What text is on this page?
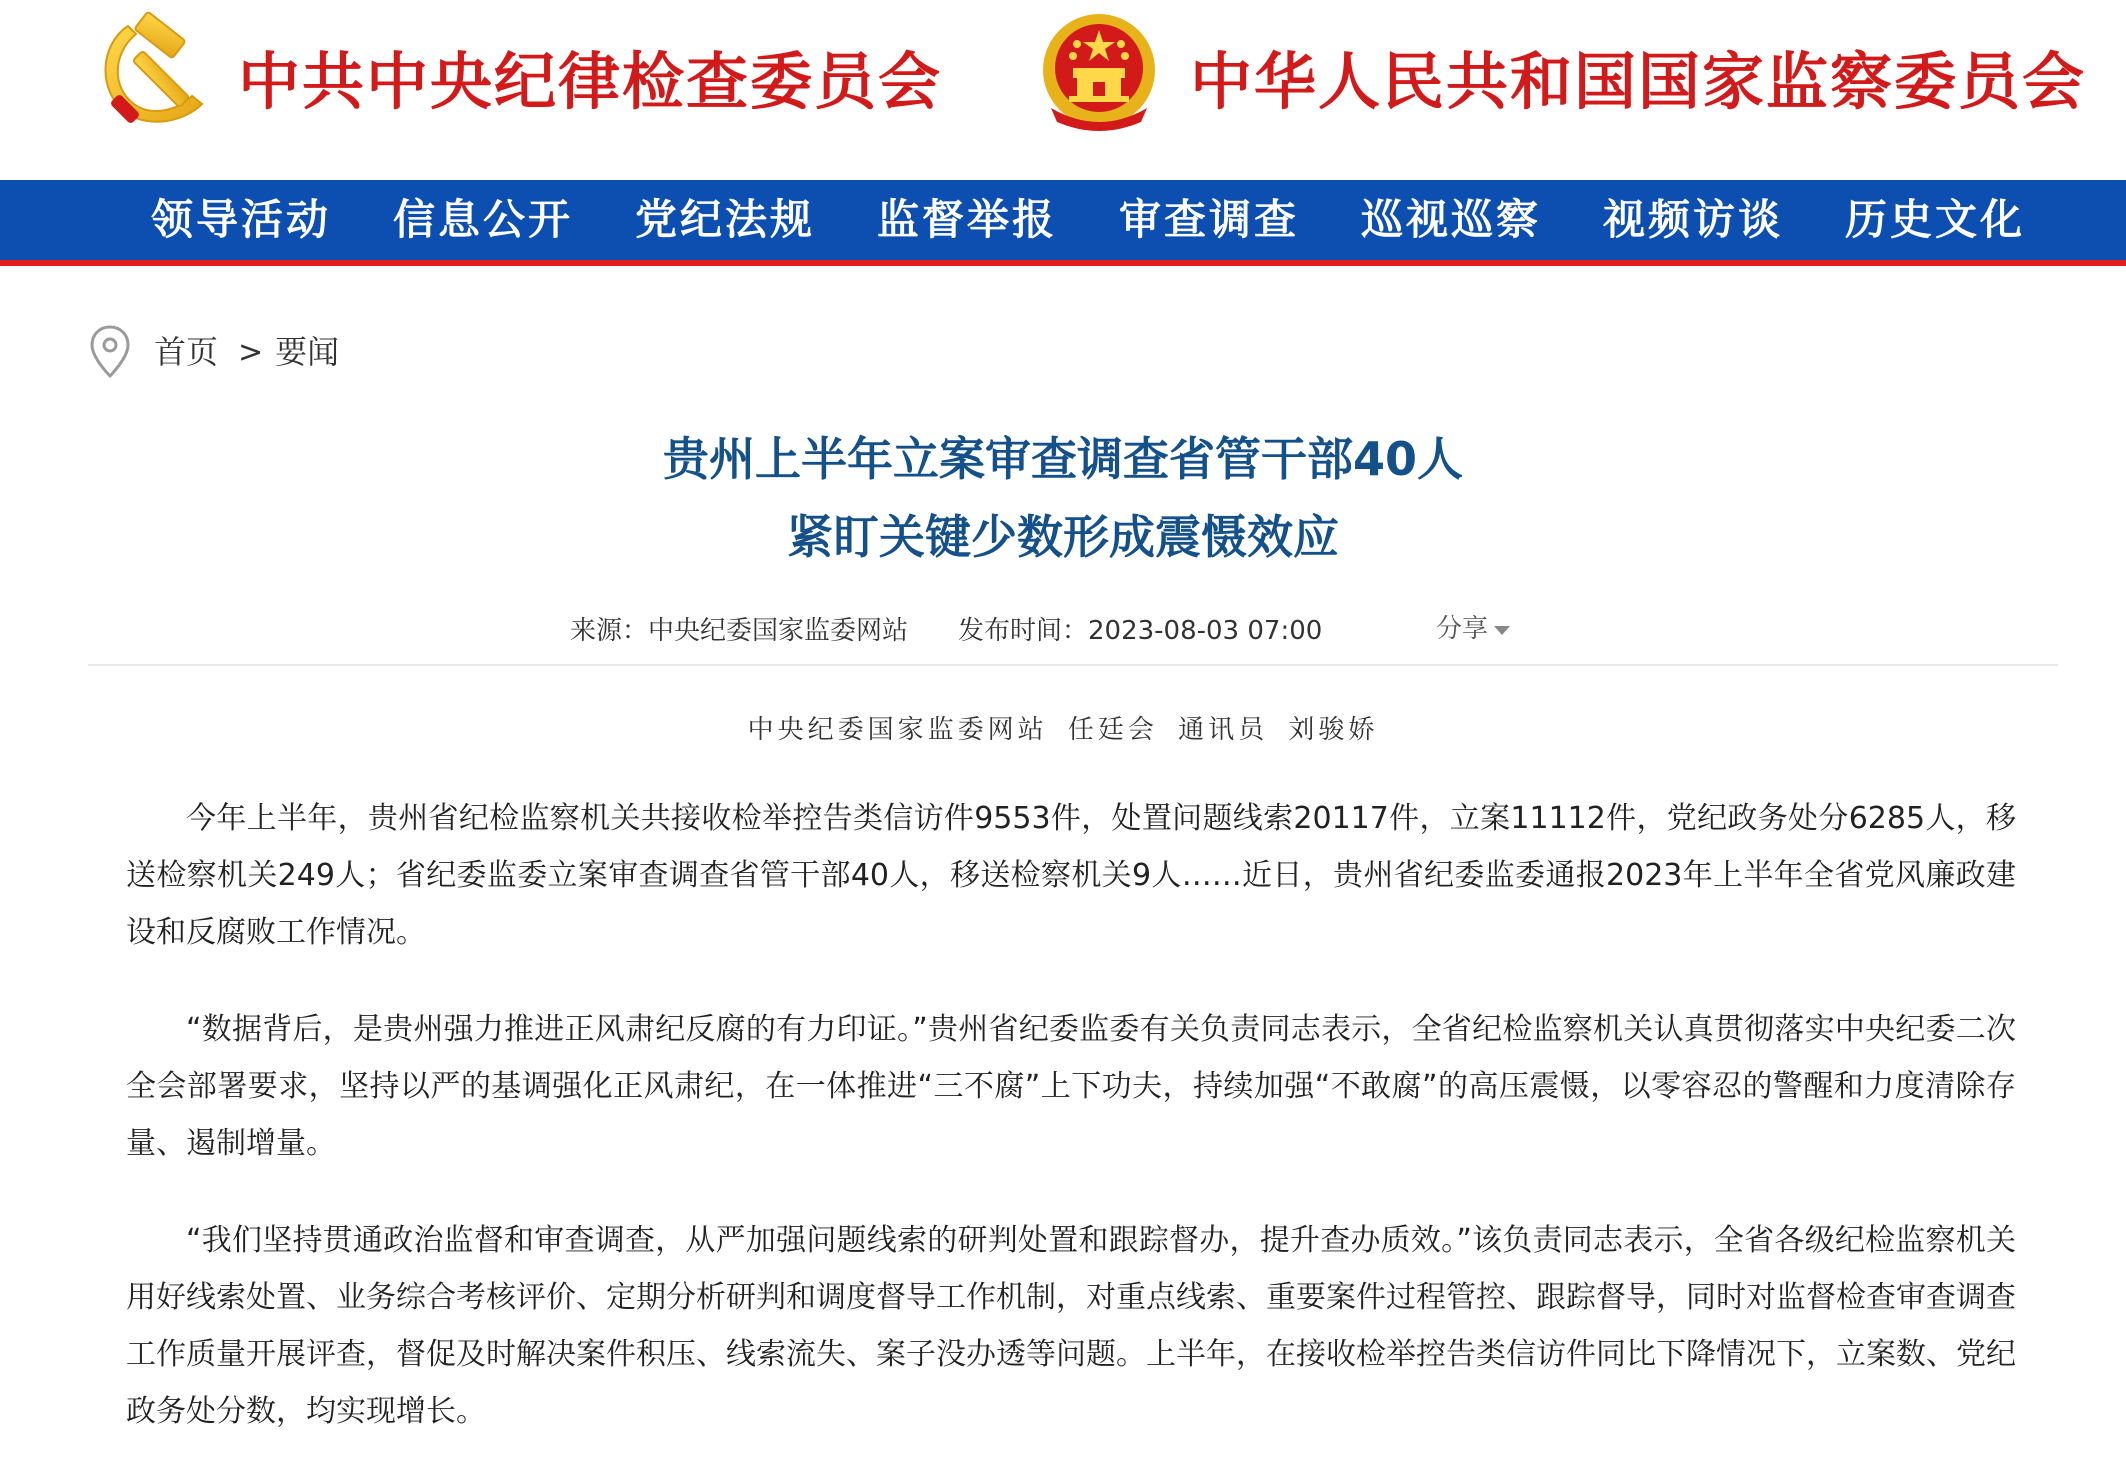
中共中央纪律检查委员会	中华人民共和国国家监察委员会
领导活动	信息公开	党纪法规	监督举报	审查调查	巡视巡察	视频访谈	历史文化
首页 > 要闻
贵州上半年立案审查调查省管干部40人
紧盯关键少数形成震慑效应
来源：中央纪委国家监委网站 发布时间：2023-08-03 07:00	分享
中央纪委国家监委网站 任廷会 通讯员 刘骏娇

今年上半年，贵州省纪检监察机关共接收检举控告类信访件9553件，处置问题线索20117件，立案11112件，党纪政务处分6285人，移送检察机关249人；省纪委监委立案审查调查省管干部40人，移送检察机关9人……近日，贵州省纪委监委通报2023年上半年全省党风廉政建设和反腐败工作情况。

“数据背后，是贵州强力推进正风肃纪反腐的有力印证。”贵州省纪委监委有关负责同志表示，全省纪检监察机关认真贯彻落实中央纪委二次全会部署要求，坚持以严的基调强化正风肃纪，在一体推进“三不腐”上下功夫，持续加强“不敢腐”的高压震慑，以零容忍的警醒和力度清除存量、遏制增量。

“我们坚持贯通政治监督和审查调查，从严加强问题线索的研判处置和跟踪督办，提升查办质效。”该负责同志表示，全省各级纪检监察机关用好线索处置、业务综合考核评价、定期分析研判和调度督导工作机制，对重点线索、重要案件过程管控、跟踪督导，同时对监督检查审查调查工作质量开展评查，督促及时解决案件积压、线索流失、案子没办透等问题。上半年，在接收检举控告类信访件同比下降情况下，立案数、党纪政务处分数，均实现增长。
